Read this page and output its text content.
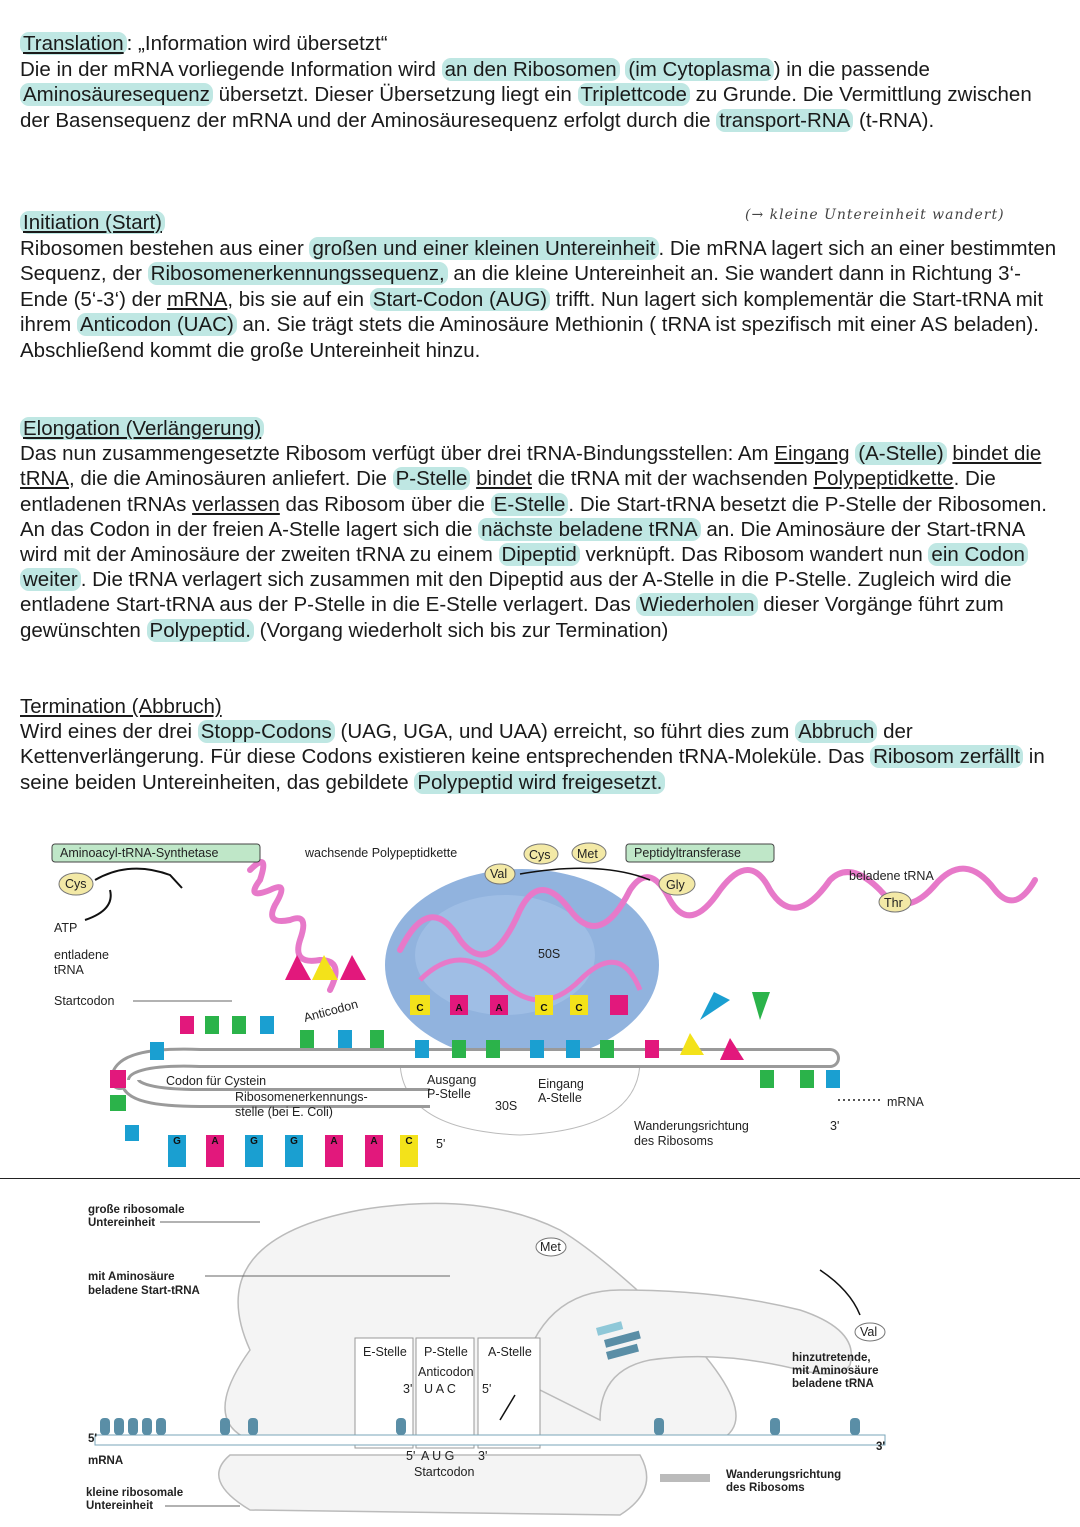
Translation : „Information wird übersetzt“
Die in der mRNA vorliegende Information wird an den Ribosomen (im Cytoplasma ) in die passende Aminosäuresequenz übersetzt. Dieser Übersetzung liegt ein Triplettcode zu Grunde. Die Vermittlung zwischen der Basensequenz der mRNA und der Aminosäuresequenz erfolgt durch die transport-RNA (t-RNA).
(→ kleine Untereinheit wandert)
Initiation (Start)
Ribosomen bestehen aus einer großen und einer kleinen Untereinheit . Die mRNA lagert sich an einer bestimmten Sequenz, der Ribosomenerkennungssequenz, an die kleine Untereinheit an. Sie wandert dann in Richtung 3‘-Ende (5‘-3‘) der mRNA, bis sie auf ein Start-Codon (AUG) trifft. Nun lagert sich komplementär die Start-tRNA mit ihrem Anticodon (UAC) an. Sie trägt stets die Aminosäure Methionin ( tRNA ist spezifisch mit einer AS beladen). Abschließend kommt die große Untereinheit hinzu.
Elongation (Verlängerung)
Das nun zusammengesetzte Ribosom verfügt über drei tRNA-Bindungsstellen: Am Eingang (A-Stelle) bindet die tRNA, die die Aminosäuren anliefert. Die P-Stelle bindet die tRNA mit der wachsenden Polypeptidkette. Die entladenen tRNAs verlassen das Ribosom über die E-Stelle . Die Start-tRNA besetzt die P-Stelle der Ribosomen. An das Codon in der freien A-Stelle lagert sich die nächste beladene tRNA an. Die Aminosäure der Start-tRNA wird mit der Aminosäure der zweiten tRNA zu einem Dipeptid verknüpft. Das Ribosom wandert nun ein Codon weiter . Die tRNA verlagert sich zusammen mit den Dipeptid aus der A-Stelle in die P-Stelle. Zugleich wird die entladene Start-tRNA aus der P-Stelle in die E-Stelle verlagert. Das Wiederholen dieser Vorgänge führt zum gewünschten Polypeptid. (Vorgang wiederholt sich bis zur Termination)
Termination (Abbruch)
Wird eines der drei Stopp-Codons (UAG, UGA, und UAA) erreicht, so führt dies zum Abbruch der Kettenverlängerung. Für diese Codons existieren keine entsprechenden tRNA-Moleküle. Das Ribosom zerfällt in seine beiden Untereinheiten, das gebildete Polypeptid wird freigesetzt.
G	A	G	G	A	A	C
C	A	A	C	C
Aminoacyl-tRNA-Synthetase
Cys
ATP
entladene
tRNA
Startcodon
wachsende Polypeptidkette
Val
Cys Met	Peptidyltransferase
Gly
beladene tRNA
Thr
50S
30S
Anticodon
Codon für Cystein
Ribosomenerkennungs-
stelle (bei E. Coli)
Ausgang
P-Stelle
Eingang
A-Stelle
Wanderungsrichtung
des Ribosoms
mRNA
3'
5'
große ribosomale
Untereinheit
mit Aminosäure
beladene Start-tRNA
Met
Val
E-Stelle P-Stelle A-Stelle
Anticodon
3' U A C 5'
5' A U G 3'
Startcodon
hinzutretende,
mit Aminosäure
beladene tRNA
5'
mRNA
3'
kleine ribosomale
Untereinheit
Wanderungsrichtung
des Ribosoms
